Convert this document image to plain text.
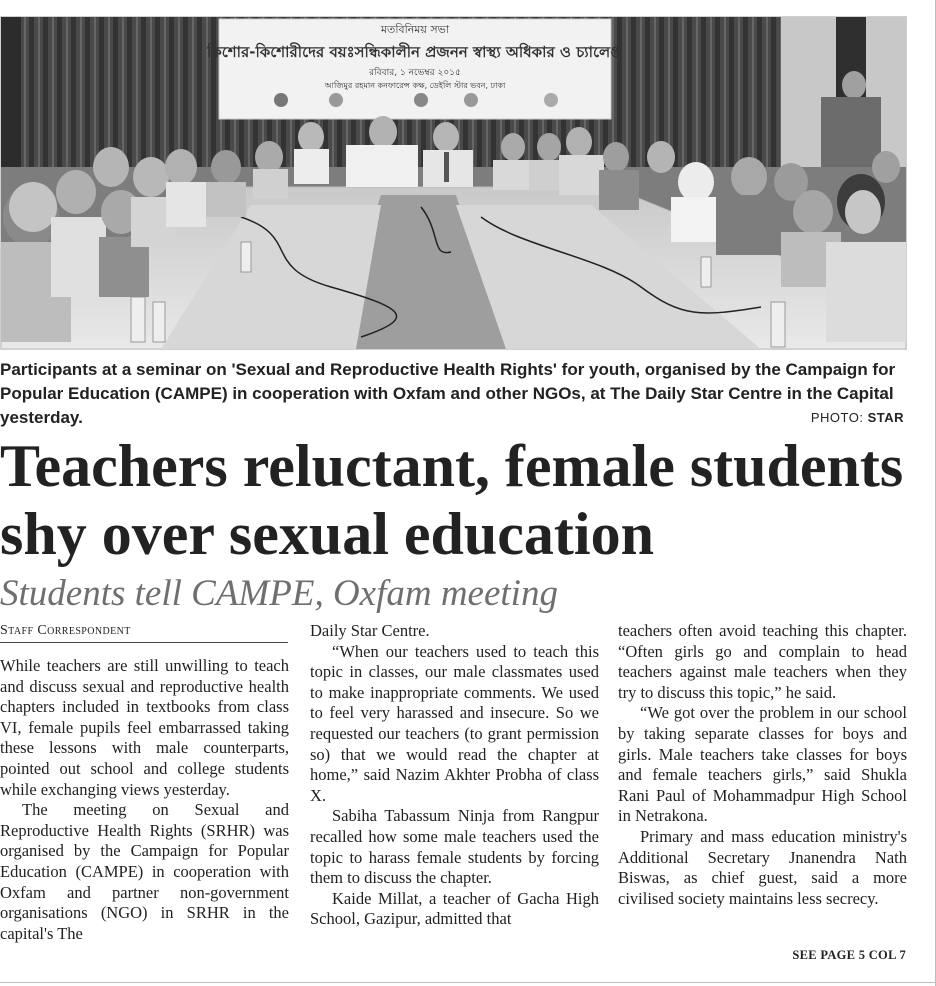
মতবিনিময় সভা
কিশোর-কিশোরীদের বয়ঃসন্ধিকালীন প্রজনন স্বাস্থ্য অধিকার ও চ্যালেঞ্জ
রবিবার, ১ নভেম্বর ২০১৫
আজিমুর রহমান কনফারেন্স কক্ষ, ডেইলি স্টার ভবন, ঢাকা
Participants at a seminar on 'Sexual and Reproductive Health Rights' for youth, organised by the Campaign for Popular Education (CAMPE) in cooperation with Oxfam and other NGOs, at The Daily Star Centre in the Capital yesterday.	PHOTO: STAR
Teachers reluctant, female students shy over sexual education
Students tell CAMPE, Oxfam meeting
Staff Correspondent

While teachers are still unwilling to teach and discuss sexual and reproductive health chapters included in textbooks from class VI, female pupils feel embarrassed taking these lessons with male counterparts, pointed out school and college students while exchanging views yesterday.

The meeting on Sexual and Reproductive Health Rights (SRHR) was organised by the Campaign for Popular Education (CAMPE) in cooperation with Oxfam and partner non-government organisations (NGO) in SRHR in the capital's The

Daily Star Centre.

“When our teachers used to teach this topic in classes, our male classmates used to make inappropriate comments. We used to feel very harassed and insecure. So we requested our teachers (to grant permission so) that we would read the chapter at home,” said Nazim Akhter Probha of class X.

Sabiha Tabassum Ninja from Rangpur recalled how some male teachers used the topic to harass female students by forcing them to discuss the chapter.

Kaide Millat, a teacher of Gacha High School, Gazipur, admitted that

teachers often avoid teaching this chapter. “Often girls go and complain to head teachers against male teachers when they try to discuss this topic,” he said.

“We got over the problem in our school by taking separate classes for boys and girls. Male teachers take classes for boys and female teachers girls,” said Shukla Rani Paul of Mohammadpur High School in Netrakona.

Primary and mass education ministry's Additional Secretary Jnanendra Nath Biswas, as chief guest, said a more civilised society maintains less secrecy.

SEE PAGE 5 COL 7
